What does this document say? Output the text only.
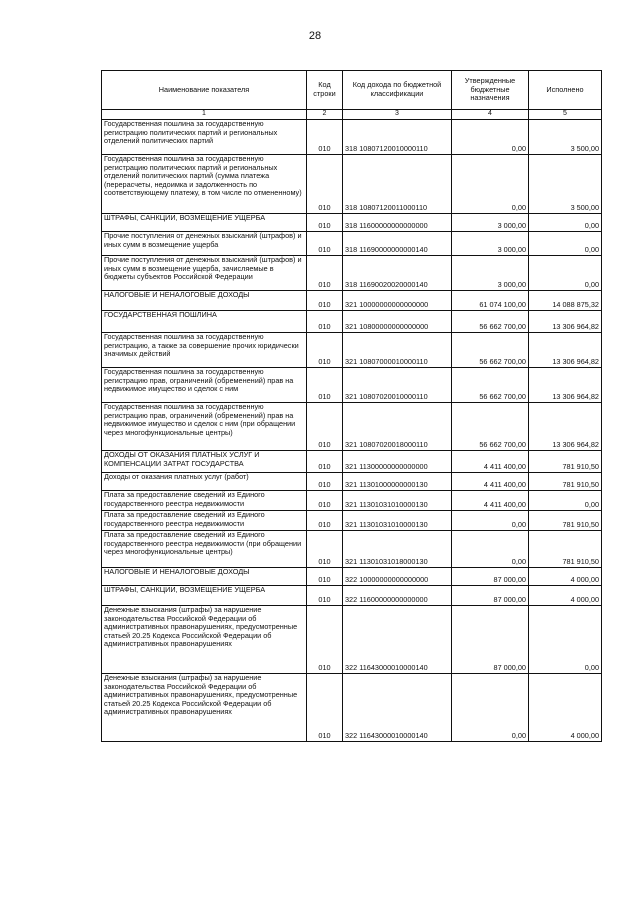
28
Наименование показателя	Код строки	Код дохода по бюджетной классификации	Утвержденные бюджетные назначения	Исполнено
1	2	3	4	5
Государственная пошлина за государственную регистрацию политических партий и региональных отделений политических партий	010	318 10807120010000110	0,00	3 500,00
Государственная пошлина за государственную регистрацию политических партий и региональных отделений политических партий (сумма платежа (перерасчеты, недоимка и задолженность по соответствующему платежу, в том числе по отмененному)	010	318 10807120011000110	0,00	3 500,00
ШТРАФЫ, САНКЦИИ, ВОЗМЕЩЕНИЕ УЩЕРБА	010	318 11600000000000000	3 000,00	0,00
Прочие поступления от денежных взысканий (штрафов) и иных сумм в возмещение ущерба	010	318 11690000000000140	3 000,00	0,00
Прочие поступления от денежных взысканий (штрафов) и иных сумм в возмещение ущерба, зачисляемые в бюджеты субъектов Российской Федерации	010	318 11690020020000140	3 000,00	0,00
НАЛОГОВЫЕ И НЕНАЛОГОВЫЕ ДОХОДЫ	010	321 10000000000000000	61 074 100,00	14 088 875,32
ГОСУДАРСТВЕННАЯ ПОШЛИНА	010	321 10800000000000000	56 662 700,00	13 306 964,82
Государственная пошлина за государственную регистрацию, а также за совершение прочих юридически значимых действий	010	321 10807000010000110	56 662 700,00	13 306 964,82
Государственная пошлина за государственную регистрацию прав, ограничений (обременений) прав на недвижимое имущество и сделок с ним	010	321 10807020010000110	56 662 700,00	13 306 964,82
Государственная пошлина за государственную регистрацию прав, ограничений (обременений) прав на недвижимое имущество и сделок с ним (при обращении через многофункциональные центры)	010	321 10807020018000110	56 662 700,00	13 306 964,82
ДОХОДЫ ОТ ОКАЗАНИЯ ПЛАТНЫХ УСЛУГ И КОМПЕНСАЦИИ ЗАТРАТ ГОСУДАРСТВА	010	321 11300000000000000	4 411 400,00	781 910,50
Доходы от оказания платных услуг (работ)	010	321 11301000000000130	4 411 400,00	781 910,50
Плата за предоставление сведений из Единого государственного реестра недвижимости	010	321 11301031010000130	4 411 400,00	0,00
Плата за предоставление сведений из Единого государственного реестра недвижимости	010	321 11301031010000130	0,00	781 910,50
Плата за предоставление сведений из Единого государственного реестра недвижимости (при обращении через многофункциональные центры)	010	321 11301031018000130	0,00	781 910,50
НАЛОГОВЫЕ И НЕНАЛОГОВЫЕ ДОХОДЫ	010	322 10000000000000000	87 000,00	4 000,00
ШТРАФЫ, САНКЦИИ, ВОЗМЕЩЕНИЕ УЩЕРБА	010	322 11600000000000000	87 000,00	4 000,00
Денежные взыскания (штрафы) за нарушение законодательства Российской Федерации об административных правонарушениях, предусмотренные статьей 20.25 Кодекса Российской Федерации об административных правонарушениях	010	322 11643000010000140	87 000,00	0,00
Денежные взыскания (штрафы) за нарушение законодательства Российской Федерации об административных правонарушениях, предусмотренные статьей 20.25 Кодекса Российской Федерации об административных правонарушениях	010	322 11643000010000140	0,00	4 000,00
